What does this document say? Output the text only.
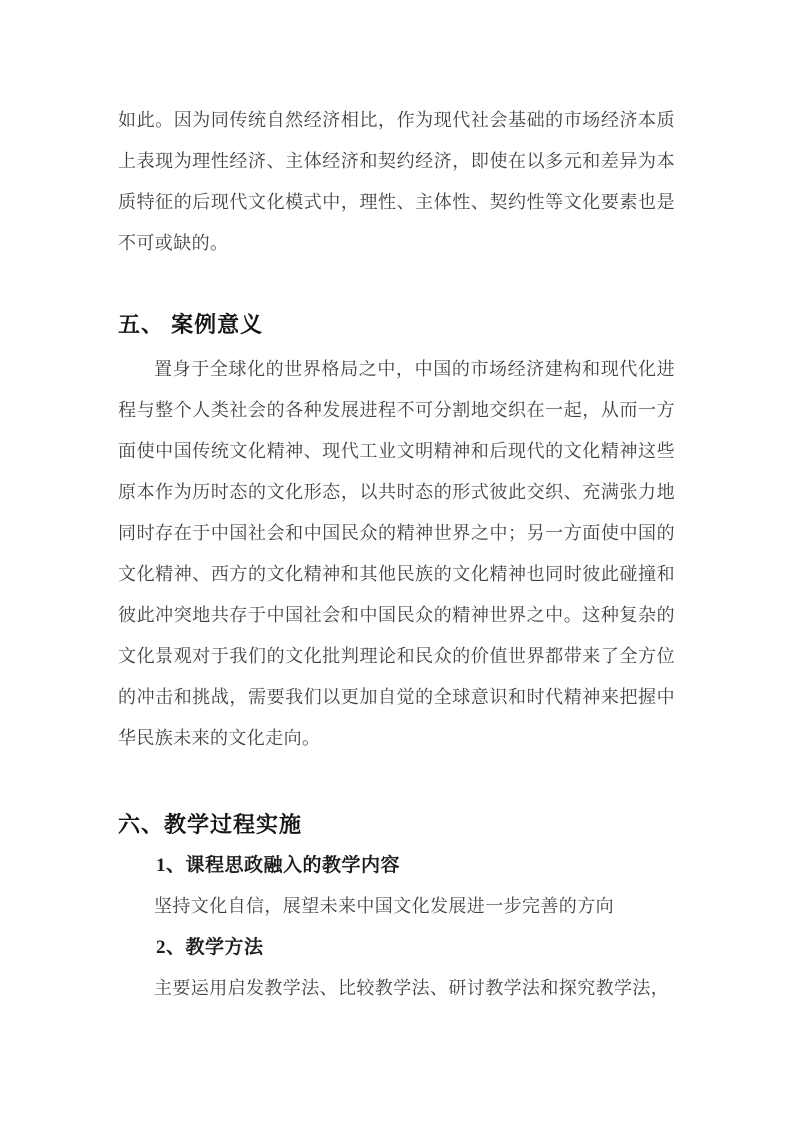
如此。因为同传统自然经济相比，作为现代社会基础的市场经济本质上表现为理性经济、主体经济和契约经济，即使在以多元和差异为本质特征的后现代文化模式中，理性、主体性、契约性等文化要素也是不可或缺的。

五、 案例意义

置身于全球化的世界格局之中，中国的市场经济建构和现代化进程与整个人类社会的各种发展进程不可分割地交织在一起，从而一方面使中国传统文化精神、现代工业文明精神和后现代的文化精神这些原本作为历时态的文化形态，以共时态的形式彼此交织、充满张力地同时存在于中国社会和中国民众的精神世界之中；另一方面使中国的文化精神、西方的文化精神和其他民族的文化精神也同时彼此碰撞和彼此冲突地共存于中国社会和中国民众的精神世界之中。这种复杂的文化景观对于我们的文化批判理论和民众的价值世界都带来了全方位的冲击和挑战，需要我们以更加自觉的全球意识和时代精神来把握中华民族未来的文化走向。

六、教学过程实施
1、课程思政融入的教学内容

坚持文化自信，展望未来中国文化发展进一步完善的方向

2、教学方法

主要运用启发教学法、比较教学法、研讨教学法和探究教学法，
